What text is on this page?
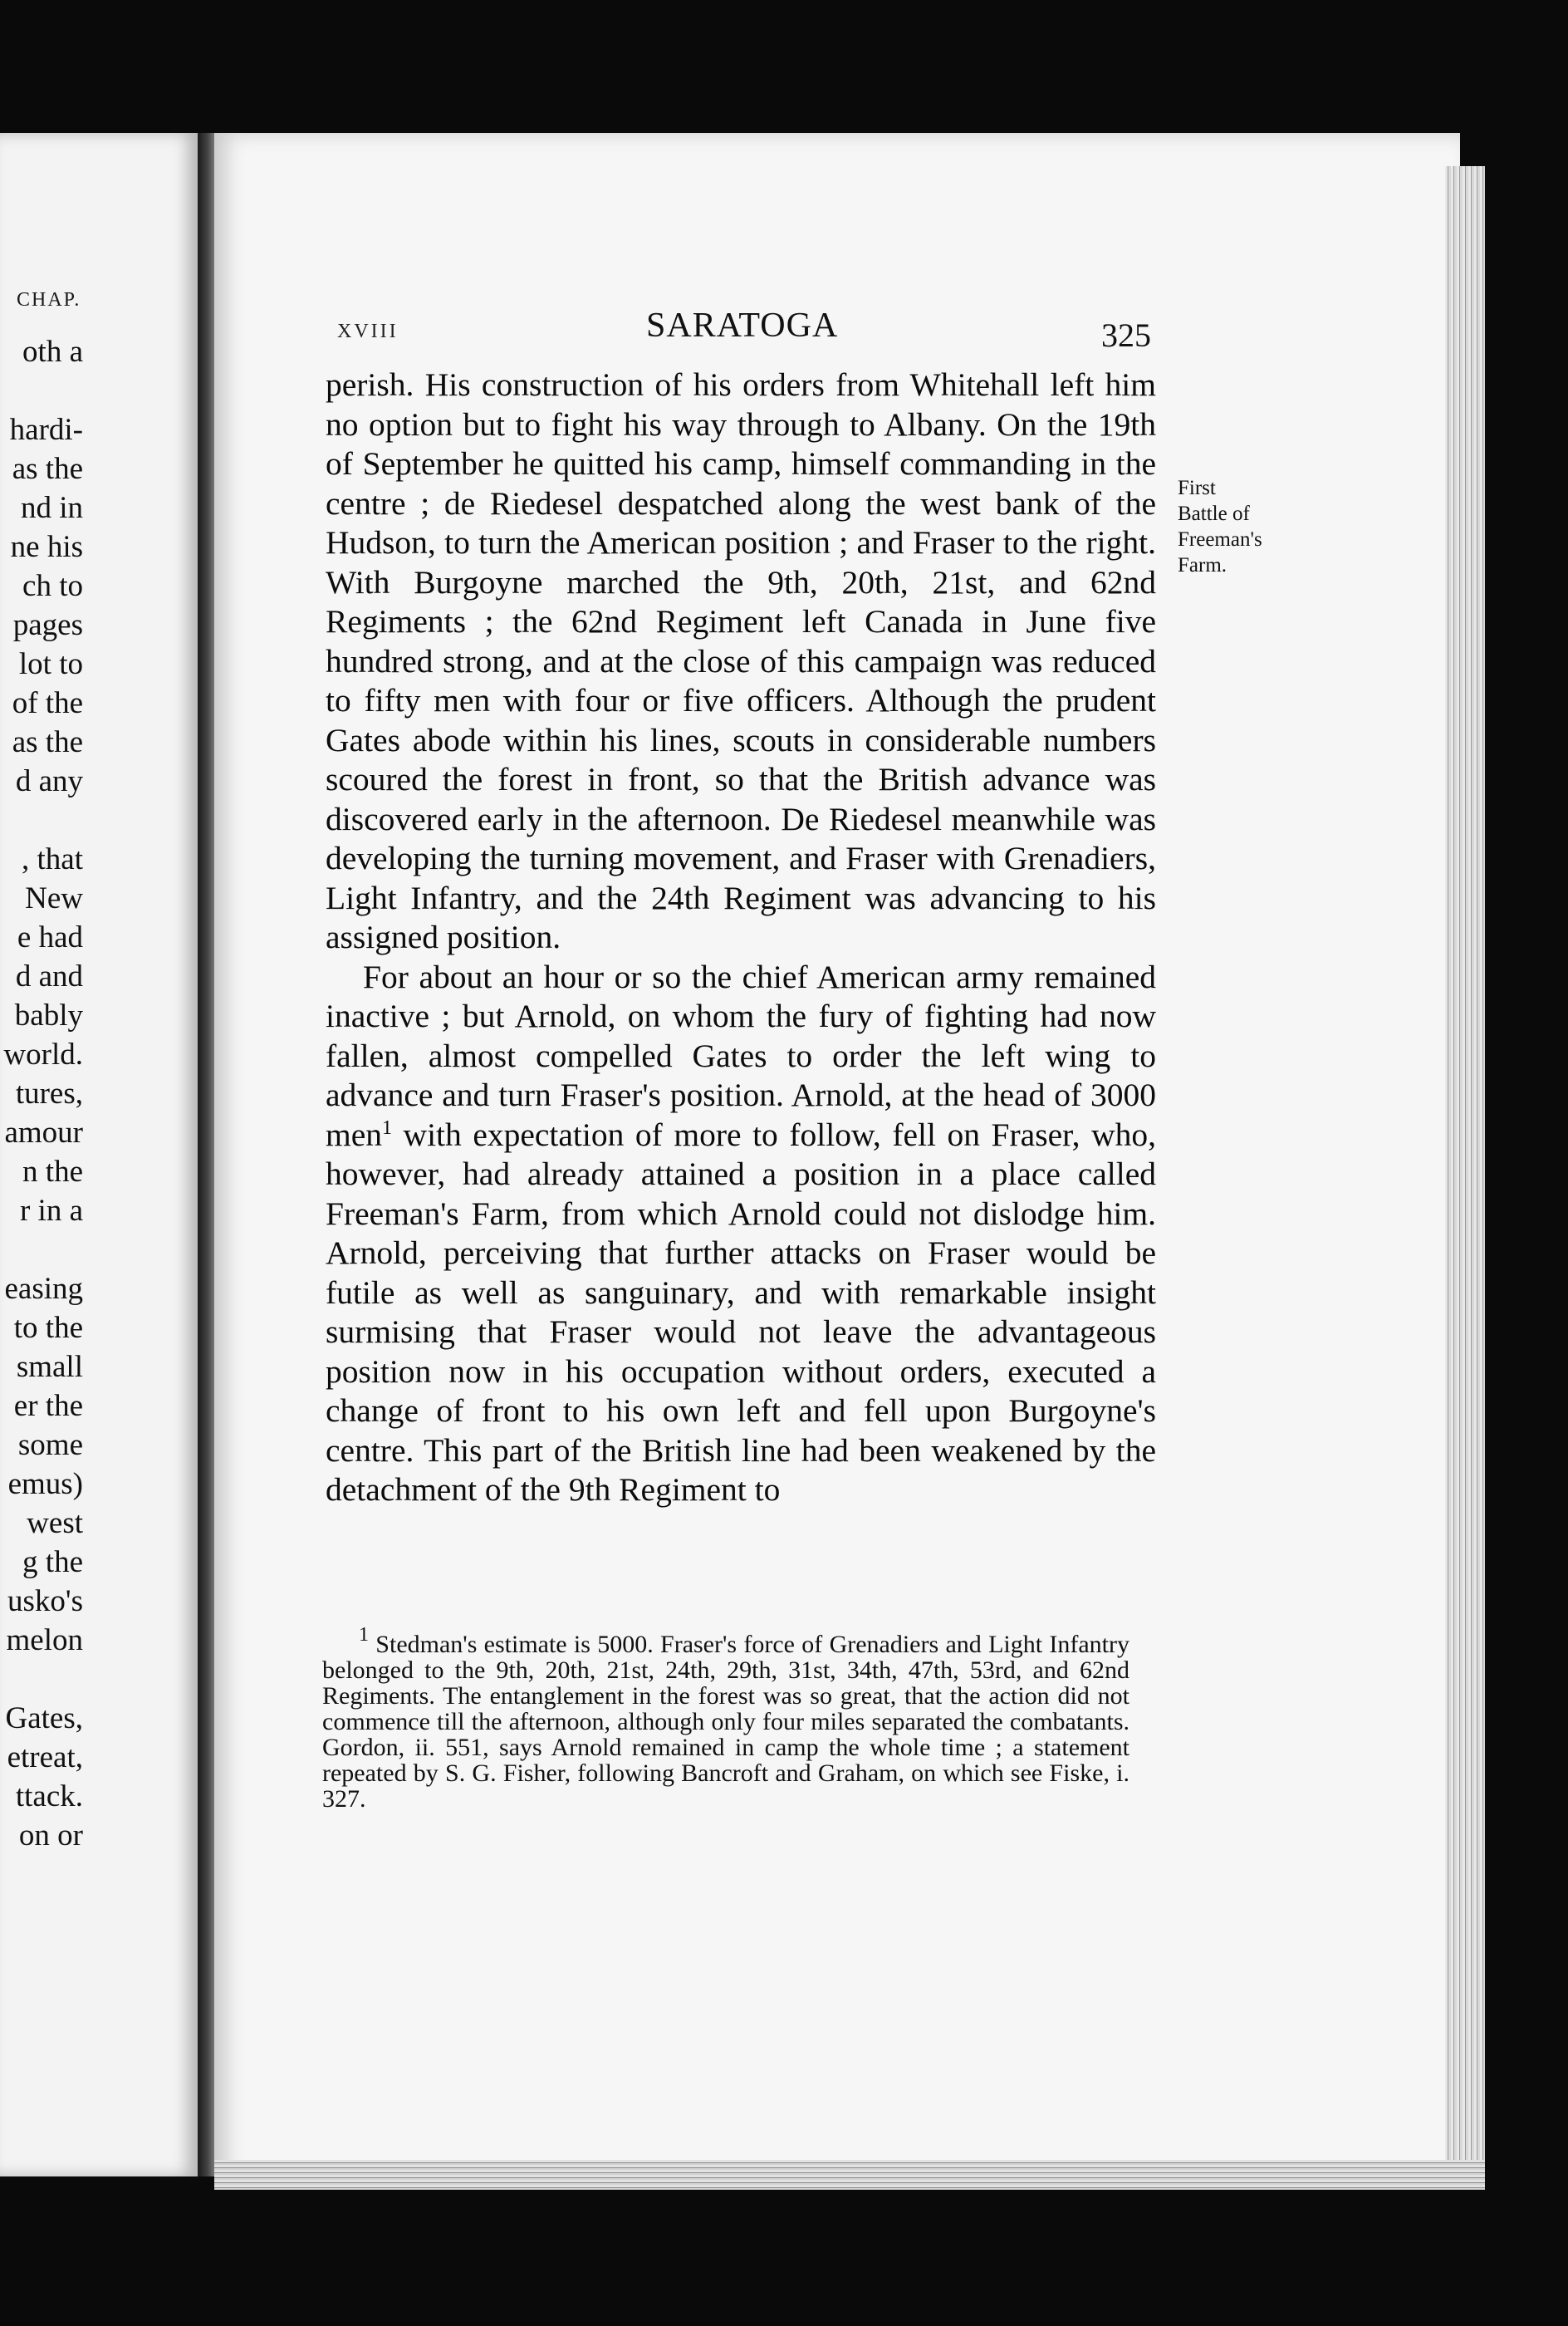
CHAP.
oth a
hardi-
as the
nd in
ne his
ch to
pages
lot to
of the
as the
d any
, that
New
e had
d and
bably
world.
tures,
amour
n the
r in a
easing
to the
small
er the
some
emus)
west
g the
usko's
melon
Gates,
etreat,
ttack.
on or
XVIII	SARATOGA	325

perish. His construction of his orders from Whitehall left him no option but to fight his way through to Albany. On the 19th of September he quitted his camp, himself commanding in the centre ; de Riedesel despatched along the west bank of the Hudson, to turn the American position ; and Fraser to the right. With Burgoyne marched the 9th, 20th, 21st, and 62nd Regiments ; the 62nd Regiment left Canada in June five hundred strong, and at the close of this campaign was reduced to fifty men with four or five officers. Although the prudent Gates abode within his lines, scouts in considerable numbers scoured the forest in front, so that the British advance was discovered early in the afternoon. De Riedesel meanwhile was developing the turning movement, and Fraser with Grenadiers, Light Infantry, and the 24th Regiment was advancing to his assigned position.

For about an hour or so the chief American army remained inactive ; but Arnold, on whom the fury of fighting had now fallen, almost compelled Gates to order the left wing to advance and turn Fraser's position. Arnold, at the head of 3000 men$^1$ with expectation of more to follow, fell on Fraser, who, however, had already attained a position in a place called Freeman's Farm, from which Arnold could not dislodge him. Arnold, perceiving that further attacks on Fraser would be futile as well as sanguinary, and with remarkable insight surmising that Fraser would not leave the advantageous position now in his occupation without orders, executed a change of front to his own left and fell upon Burgoyne's centre. This part of the British line had been weakened by the detachment of the 9th Regiment to

First
Battle of
Freeman's
Farm.

$^1$ Stedman's estimate is 5000. Fraser's force of Grenadiers and Light Infantry belonged to the 9th, 20th, 21st, 24th, 29th, 31st, 34th, 47th, 53rd, and 62nd Regiments. The entanglement in the forest was so great, that the action did not commence till the afternoon, although only four miles separated the combatants. Gordon, ii. 551, says Arnold remained in camp the whole time ; a statement repeated by S. G. Fisher, following Bancroft and Graham, on which see Fiske, i. 327.
